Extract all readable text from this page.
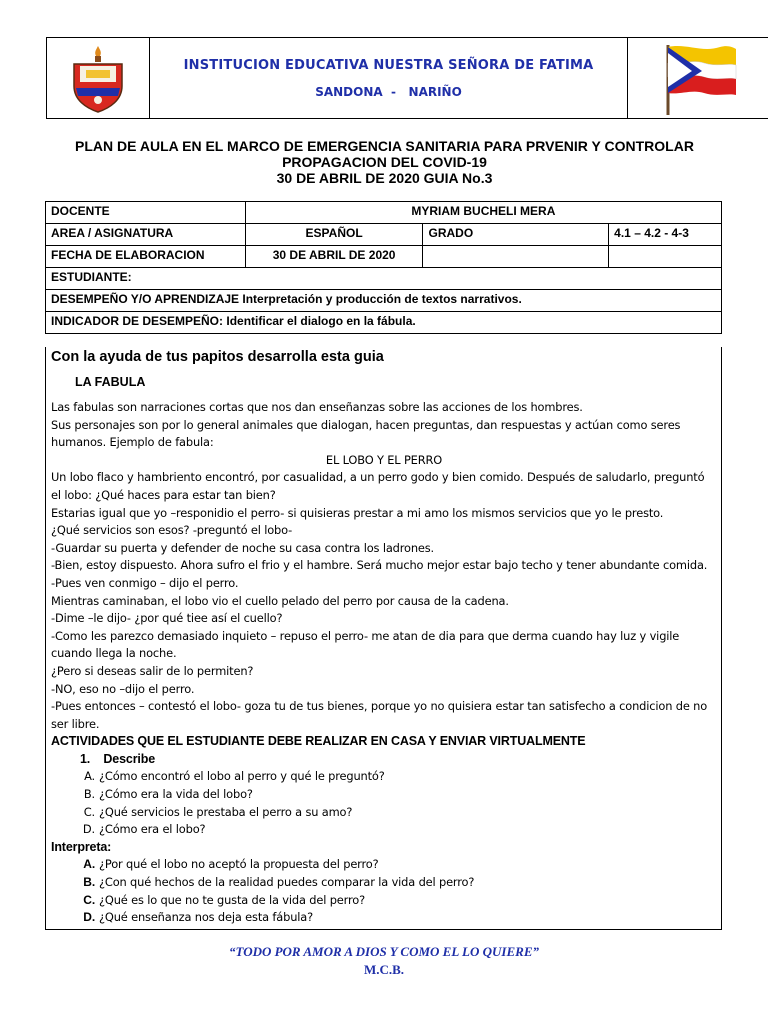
INSTITUCION EDUCATIVA NUESTRA SEÑORA DE FATIMA
SANDONA  -   NARIÑO
PLAN DE AULA EN EL MARCO DE EMERGENCIA SANITARIA PARA PRVENIR Y CONTROLAR
PROPAGACION DEL COVID-19
30 DE ABRIL DE 2020 GUIA No.3
DOCENTE	MYRIAM BUCHELI MERA		
AREA / ASIGNATURA	ESPAÑOL	GRADO	4.1 – 4.2 - 4-3
FECHA DE ELABORACION	30 DE ABRIL DE 2020		
ESTUDIANTE:			
DESEMPEÑO Y/O APRENDIZAJE Interpretación y producción de textos narrativos.			
INDICADOR DE DESEMPEÑO: Identificar el dialogo en la fábula.			
Con la ayuda de tus papitos desarrolla esta guia
LA FABULA

Las fabulas son narraciones cortas que nos dan enseñanzas sobre las acciones de los hombres.

Sus personajes son por lo general animales que dialogan, hacen preguntas, dan respuestas y actúan como seres

humanos. Ejemplo de fabula:

EL LOBO Y EL PERRO

Un lobo flaco y hambriento encontró, por casualidad, a un perro godo y bien comido. Después de saludarlo, preguntó

el lobo: ¿Qué haces para estar tan bien?

Estarias igual que yo –responidio el perro- si quisieras prestar a mi amo los mismos servicios que yo le presto.

¿Qué servicios son esos? -preguntó el lobo-

-Guardar su puerta y defender de noche su casa contra los ladrones.

-Bien, estoy dispuesto. Ahora sufro el frio y el hambre. Será mucho mejor estar bajo techo y tener abundante comida.

-Pues ven conmigo – dijo el perro.

Mientras caminaban, el lobo vio el cuello pelado del perro por causa de la cadena.

-Dime –le dijo- ¿por qué tiee así el cuello?

-Como les parezco demasiado inquieto – repuso el perro- me atan de dia para que derma cuando hay luz y vigile

cuando llega la noche.

¿Pero si deseas salir de lo permiten?

-NO, eso no –dijo el perro.

-Pues entonces – contestó el lobo- goza tu de tus bienes, porque yo no quisiera estar tan satisfecho a condicion de no

ser libre.

ACTIVIDADES QUE EL ESTUDIANTE DEBE REALIZAR EN CASA Y ENVIAR VIRTUALMENTE

1. Describe

A. ¿Cómo encontró el lobo al perro y qué le preguntó?
B. ¿Cómo era la vida del lobo?
C. ¿Qué servicios le prestaba el perro a su amo?
D. ¿Cómo era el lobo?

Interpreta:

A. ¿Por qué el lobo no aceptó la propuesta del perro?
B. ¿Con qué hechos de la realidad puedes comparar la vida del perro?
C. ¿Qué es lo que no te gusta de la vida del perro?
D. ¿Qué enseñanza nos deja esta fábula?
“TODO POR AMOR A DIOS Y COMO EL LO QUIERE”
M.C.B.
